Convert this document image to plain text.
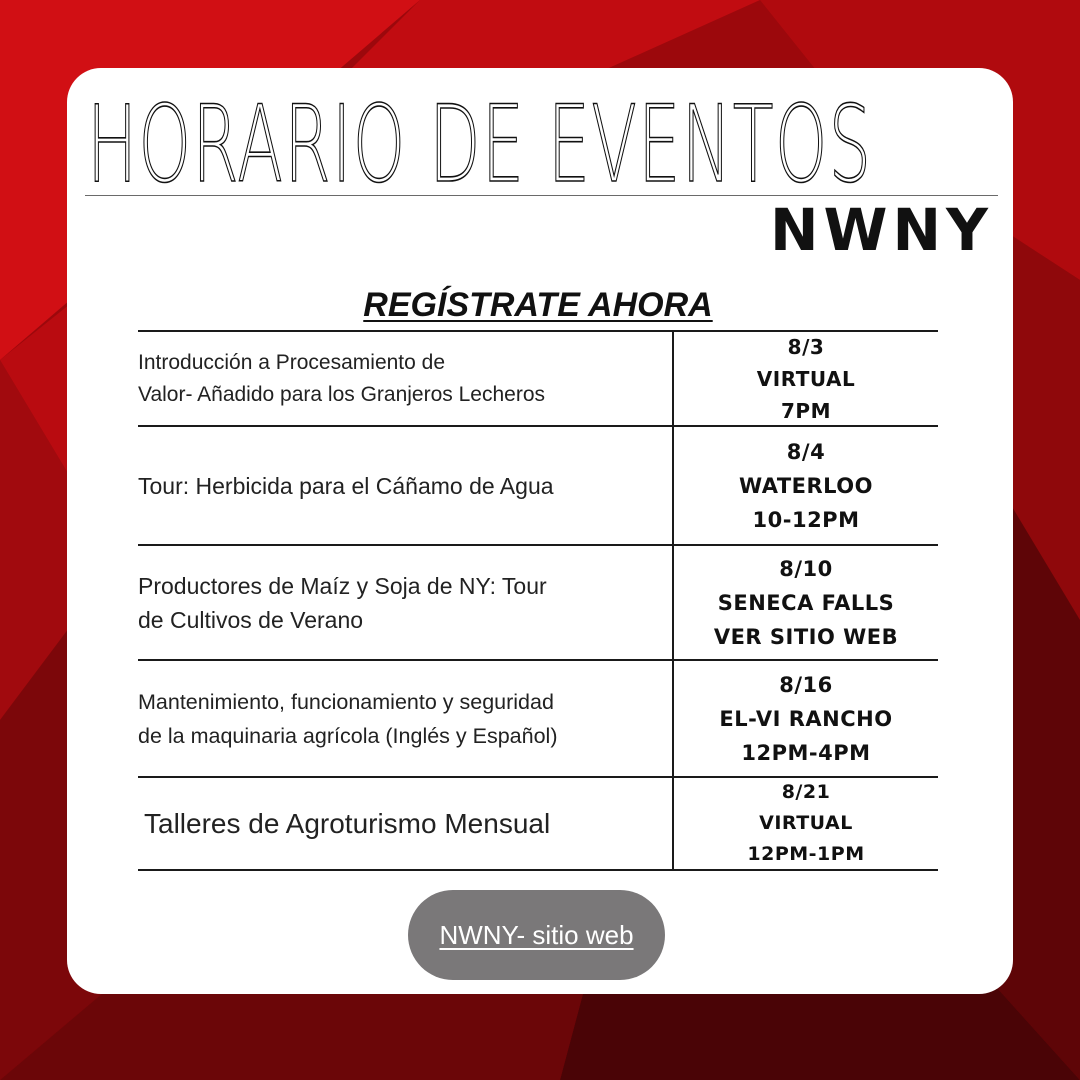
HORARIO DE EVENTOS
NWNY
REGÍSTRATE AHORA
Introducción a Procesamiento de
Valor- Añadido para los Granjeros Lecheros
8/3
VIRTUAL
7PM
Tour: Herbicida para el Cáñamo de Agua
8/4
WATERLOO
10-12PM
Productores de Maíz y Soja de NY: Tour
de Cultivos de Verano
8/10
SENECA FALLS
VER SITIO WEB
Mantenimiento, funcionamiento y seguridad
de la maquinaria agrícola (Inglés y Español)
8/16
EL-VI RANCHO
12PM-4PM
Talleres de Agroturismo Mensual
8/21
VIRTUAL
12PM-1PM
NWNY- sitio web
